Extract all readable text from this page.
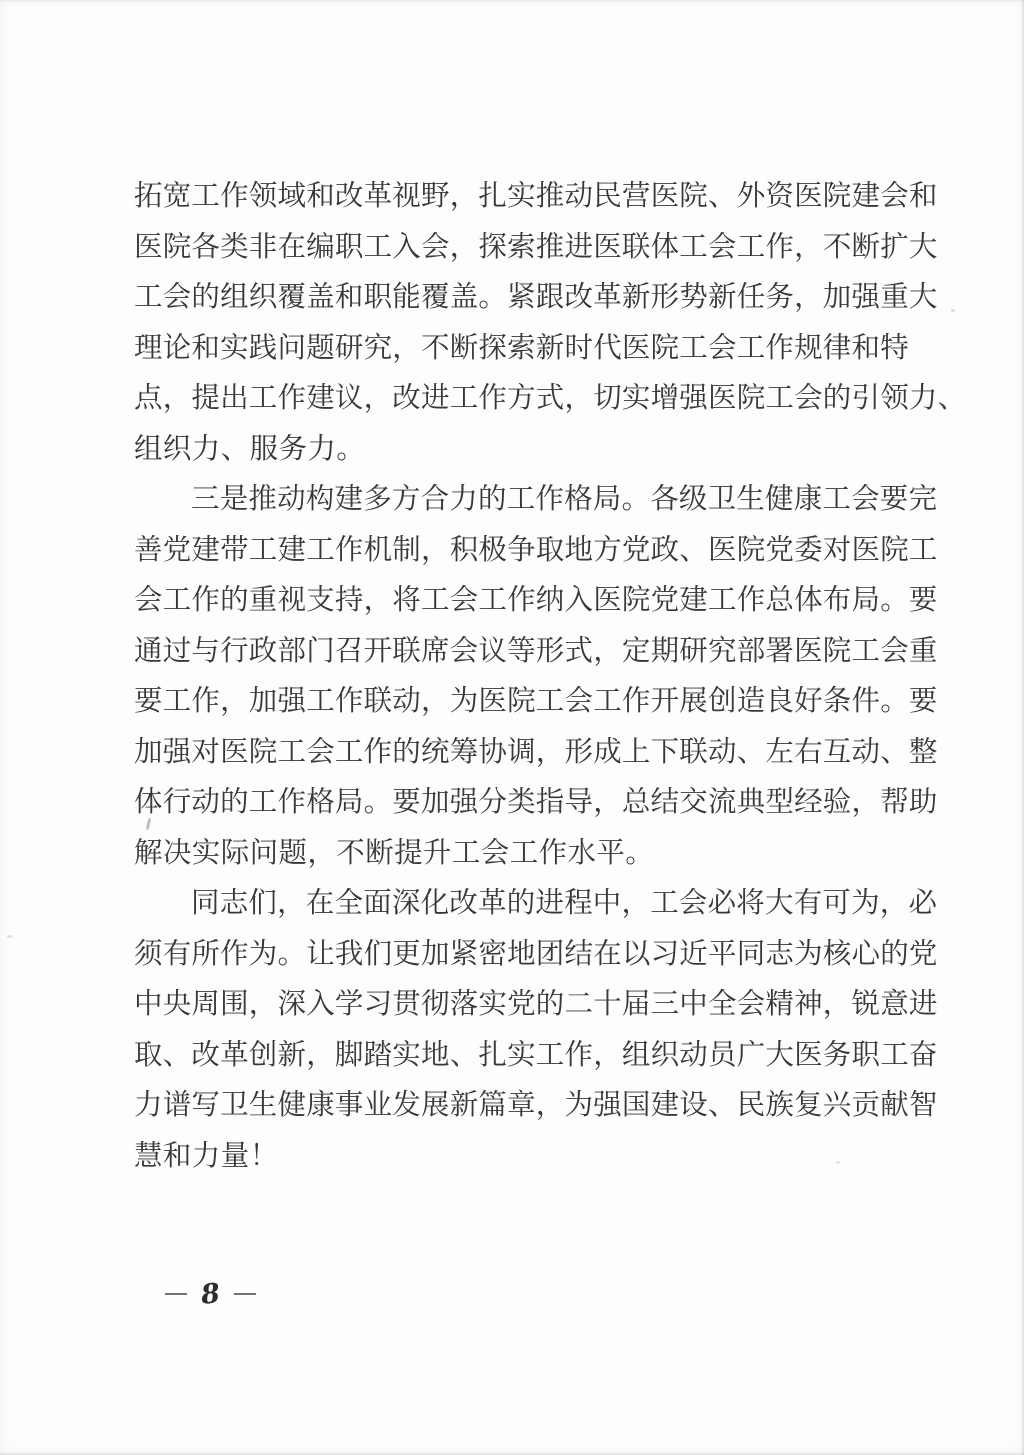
拓宽工作领域和改革视野，扎实推动民营医院、外资医院建会和
医院各类非在编职工入会，探索推进医联体工会工作，不断扩大
工会的组织覆盖和职能覆盖。紧跟改革新形势新任务，加强重大
理论和实践问题研究，不断探索新时代医院工会工作规律和特
点，提出工作建议，改进工作方式，切实增强医院工会的引领力、
组织力、服务力。
三是推动构建多方合力的工作格局。各级卫生健康工会要完
善党建带工建工作机制，积极争取地方党政、医院党委对医院工
会工作的重视支持，将工会工作纳入医院党建工作总体布局。要
通过与行政部门召开联席会议等形式，定期研究部署医院工会重
要工作，加强工作联动，为医院工会工作开展创造良好条件。要
加强对医院工会工作的统筹协调，形成上下联动、左右互动、整
体行动的工作格局。要加强分类指导，总结交流典型经验，帮助
解决实际问题，不断提升工会工作水平。
同志们，在全面深化改革的进程中，工会必将大有可为，必
须有所作为。让我们更加紧密地团结在以习近平同志为核心的党
中央周围，深入学习贯彻落实党的二十届三中全会精神，锐意进
取、改革创新，脚踏实地、扎实工作，组织动员广大医务职工奋
力谱写卫生健康事业发展新篇章，为强国建设、民族复兴贡献智
慧和力量！
8
